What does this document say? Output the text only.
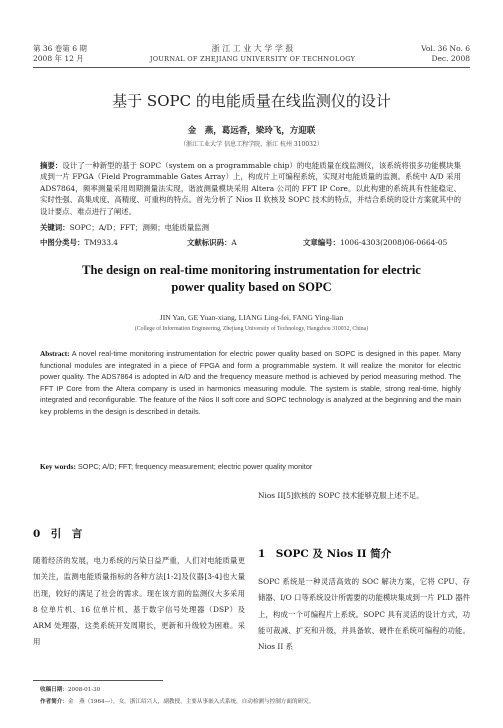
第 36 卷第 6 期
2008 年 12 月
浙 江 工 业 大 学 学 报
JOURNAL OF ZHEJIANG UNIVERSITY OF TECHNOLOGY
Vol. 36 No. 6
Dec. 2008
基于 SOPC 的电能质量在线监测仪的设计
金　燕，葛远香，梁玲飞，方迎联
（浙江工业大学 信息工程学院，浙江 杭州 310032）
摘要：设计了一种新型的基于 SOPC（system on a programmable chip）的电能质量在线监测仪，该系统将很多功能模块集成到一片 FPGA（Field Programmable Gates Array）上，构成片上可编程系统，实现对电能质量的监测。系统中 A/D 采用 ADS7864，频率测量采用周期测量法实现，谐波测量模块采用 Altera 公司的 FFT IP Core。以此构建的系统具有性能稳定、实时性强、高集成度、高精度、可重构的特点。首先分析了 Nios II 软核及 SOPC 技术的特点，并结合系统的设计方案就其中的设计要点、难点进行了阐述。
关键词：SOPC；A/D；FFT；测频；电能质量监测
中图分类号：TM933.4	文献标识码：A	文章编号：1006-4303(2008)06-0664-05
The design on real-time monitoring instrumentation for electric
power quality based on SOPC
JIN Yan, GE Yuan-xiang, LIANG Ling-fei, FANG Ying-lian
(College of Information Engineering, Zhejiang University of Technology, Hangzhou 310032, China)
Abstract: A novel real-time monitoring instrumentation for electric power quality based on SOPC is designed in this paper. Many functional modules are integrated in a piece of FPGA and form a programmable system. It will realize the monitor for electric power quality. The ADS7864 is adopted in A/D and the frequency measure method is achieved by period measuring method. The FFT IP Core from the Altera company is used in harmonics measuring module. The system is stable, strong real-time, highly integrated and reconfigurable. The feature of the Nios II soft core and SOPC technology is analyzed at the beginning and the main key problems in the design is described in details.
Key words: SOPC; A/D; FFT; frequency measurement; electric power quality monitor
0　引　言
随着经济的发展，电力系统的污染日益严重，人们对电能质量更加关注，监测电能质量指标的各种方法[1-2]及仪器[3-4]也大量出现，较好的满足了社会的需求。现在该方面的监测仪大多采用 8 位单片机、16 位单片机、基于数字信号处理器（DSP）及 ARM 处理器，这类系统开发周期长，更新和升级较为困难。采用
Nios II[5]软核的 SOPC 技术能够克服上述不足。
1　SOPC 及 Nios II 简介
SOPC 系统是一种灵活高效的 SOC 解决方案，它将 CPU、存储器、I/O 口等系统设计所需要的功能模块集成到一片 PLD 器件上，构成一个可编程片上系统。SOPC 具有灵活的设计方式，功能可裁减、扩充和升级，并具备软、硬件在系统可编程的功能。Nios II 系
收稿日期：2008-01-30
作者简介：金　燕（1964—），女，浙江绍兴人，副教授，主要从事嵌入式系统，自动检测与控制方面的研究。
